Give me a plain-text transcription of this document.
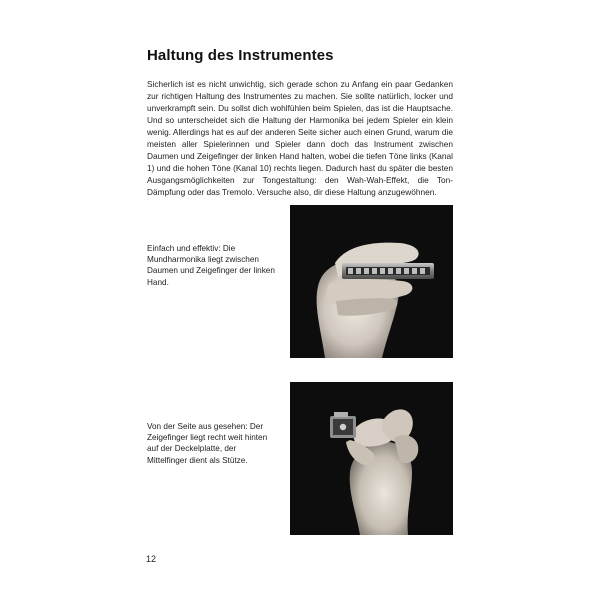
Haltung des Instrumentes

Sicherlich ist es nicht unwichtig, sich gerade schon zu Anfang ein paar Gedanken zur richtigen Haltung des Instrumentes zu machen. Sie sollte natürlich, locker und unverkrampft sein. Du sollst dich wohlfühlen beim Spielen, das ist die Hauptsache. Und so unterscheidet sich die Haltung der Harmonika bei jedem Spieler ein klein wenig. Allerdings hat es auf der anderen Seite sicher auch einen Grund, warum die meisten aller Spielerinnen und Spieler dann doch das Instrument zwischen Daumen und Zeigefinger der linken Hand halten, wobei die tiefen Töne links (Kanal 1) und die hohen Töne (Kanal 10) rechts liegen. Dadurch hast du später die besten Ausgangsmöglichkeiten zur Tongestaltung: den Wah-Wah-Effekt, die Ton-Dämpfung oder das Tremolo. Versuche also, dir diese Haltung anzugewöhnen.

Einfach und effektiv: Die Mundharmonika liegt zwischen Daumen und Zeigefinger der linken Hand.
Von der Seite aus gesehen: Der Zeigefinger liegt recht weit hinten auf der Deckelplatte, der Mittelfinger dient als Stütze.
12
